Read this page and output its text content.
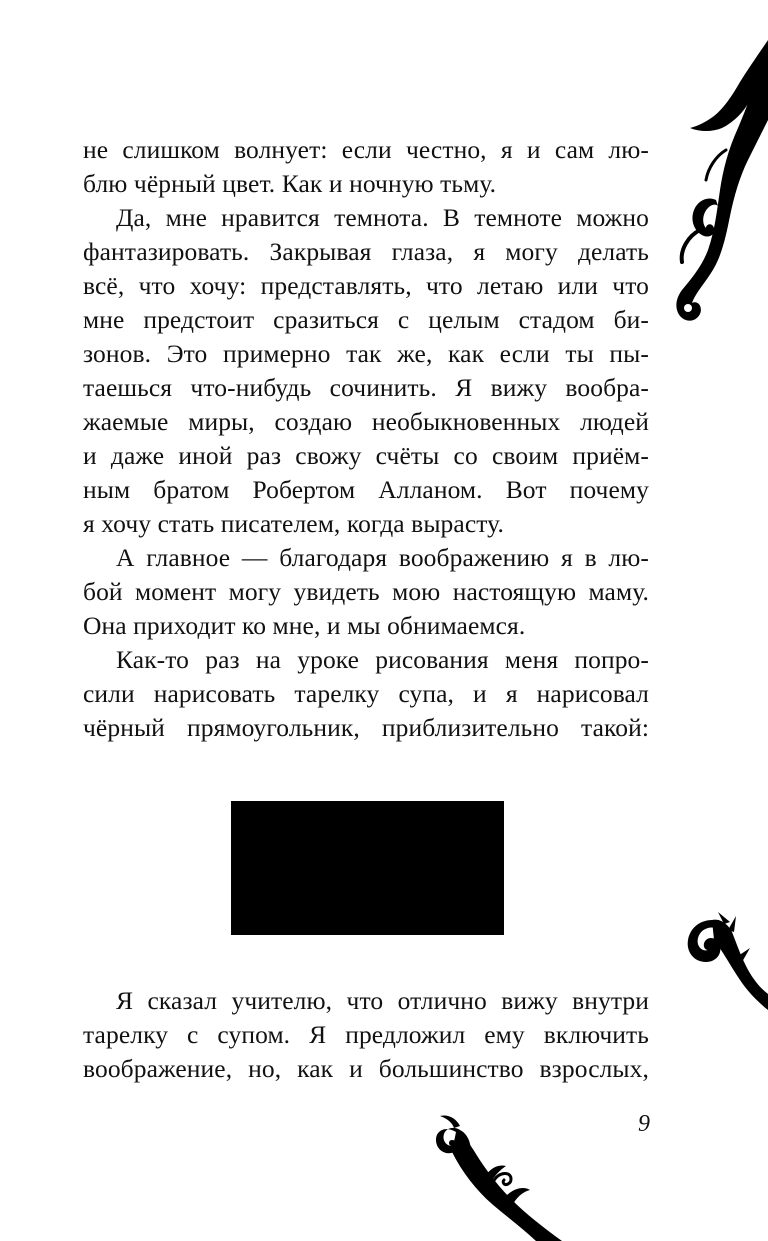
не слишком волнует: если честно, я и сам лю-
блю чёрный цвет. Как и ночную тьму.
Да, мне нравится темнота. В темноте можно
фантазировать. Закрывая глаза, я могу делать
всё, что хочу: представлять, что летаю или что
мне предстоит сразиться с целым стадом би-
зонов. Это примерно так же, как если ты пы-
таешься что-нибудь сочинить. Я вижу вообра-
жаемые миры, создаю необыкновенных людей
и даже иной раз свожу счёты со своим приём-
ным братом Робертом Алланом. Вот почему
я хочу стать писателем, когда вырасту.
А главное — благодаря воображению я в лю-
бой момент могу увидеть мою настоящую маму.
Она приходит ко мне, и мы обнимаемся.
Как-то раз на уроке рисования меня попро-
сили нарисовать тарелку супа, и я нарисовал
чёрный прямоугольник, приблизительно такой:
Я сказал учителю, что отлично вижу внутри
тарелку с супом. Я предложил ему включить
воображение, но, как и большинство взрослых,
9
